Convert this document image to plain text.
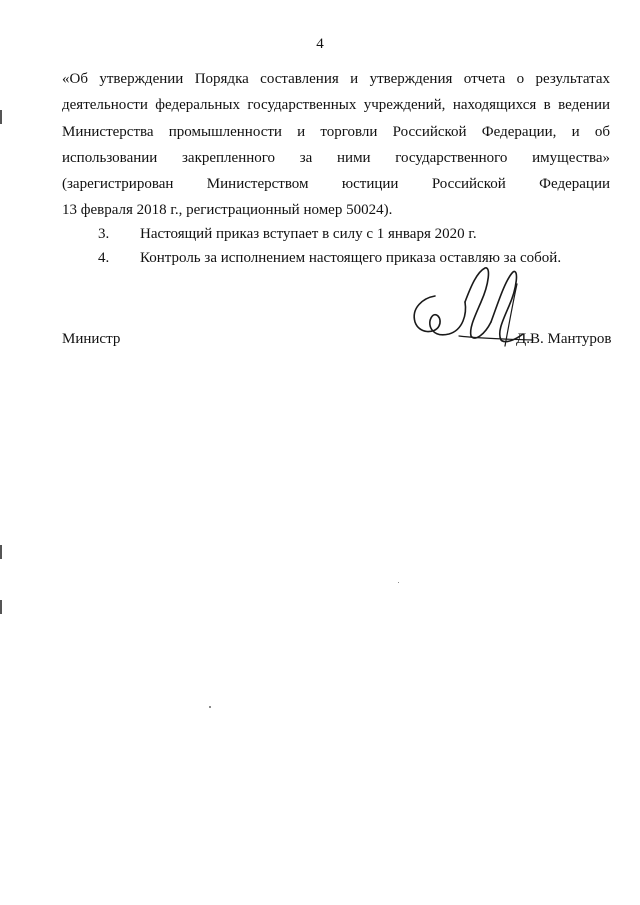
4
«Об утверждении Порядка составления и утверждения отчета о результатах
деятельности федеральных государственных учреждений, находящихся в ведении
Министерства промышленности и торговли Российской Федерации, и об
использовании закрепленного за ними государственного имущества»
(зарегистрирован Министерством юстиции Российской Федерации
13 февраля 2018 г., регистрационный номер 50024).
3. Настоящий приказ вступает в силу с 1 января 2020 г.
4. Контроль за исполнением настоящего приказа оставляю за собой.
Министр	Д.В. Мантуров
